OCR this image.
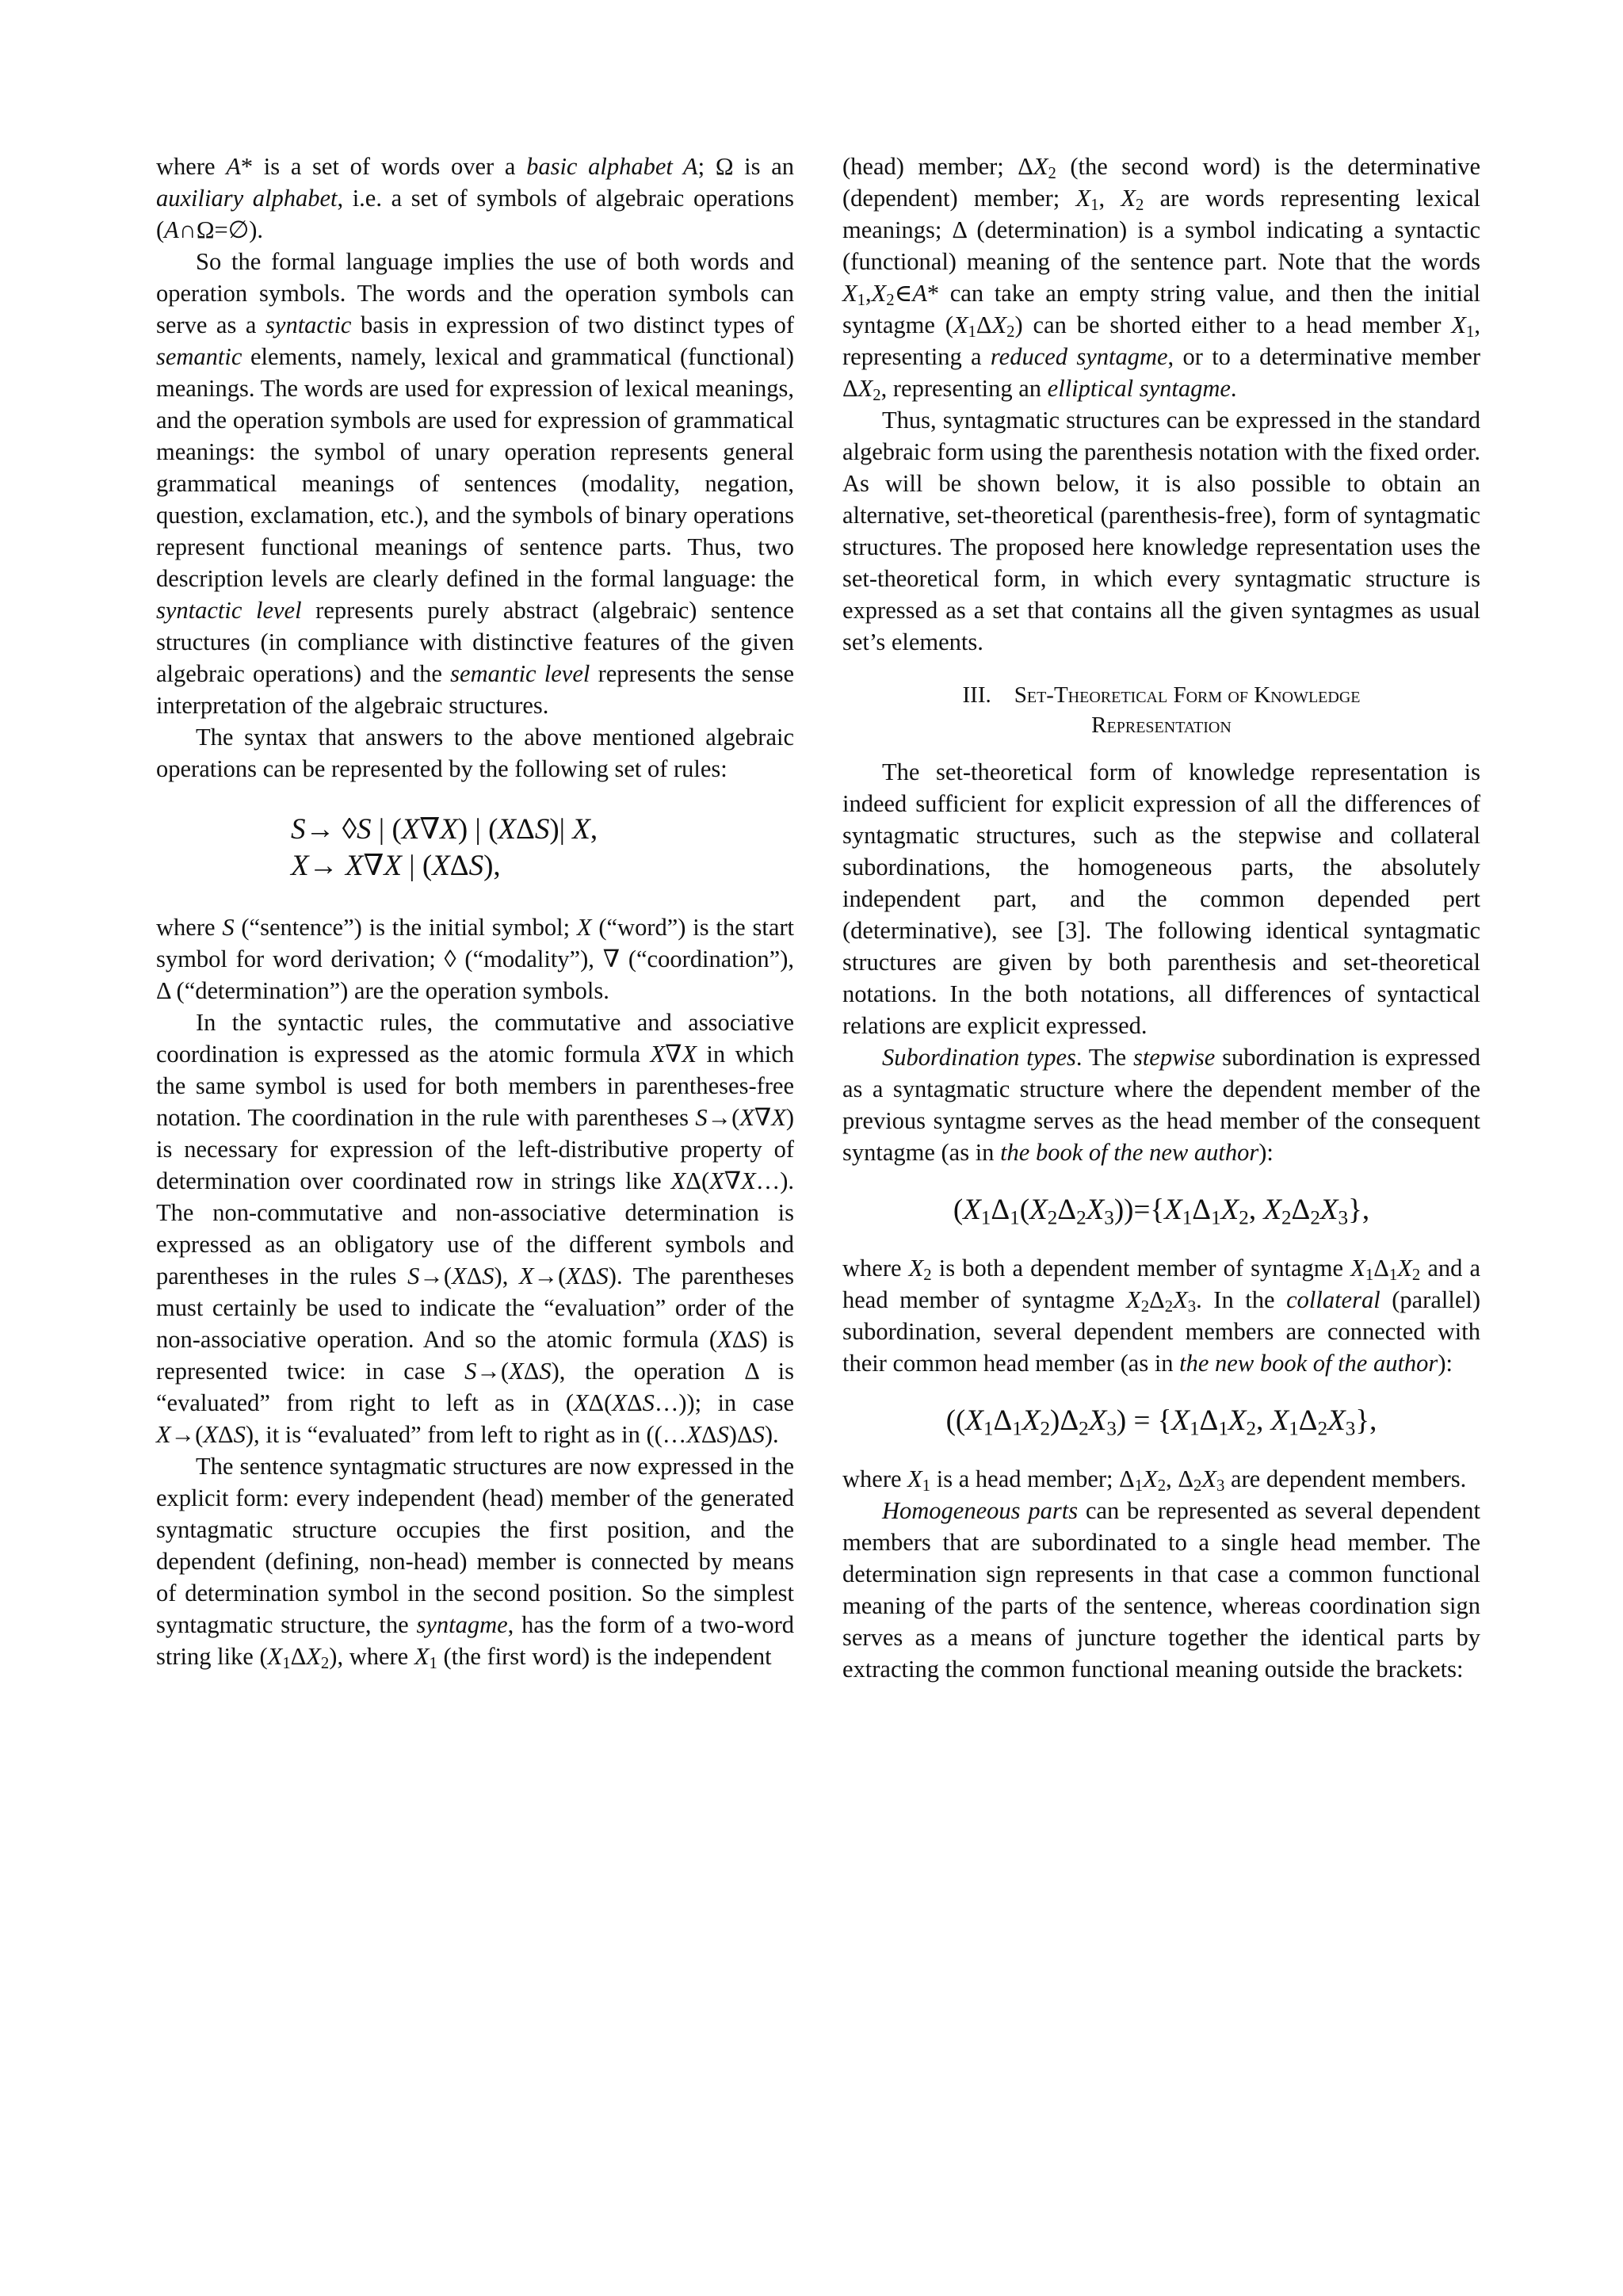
where A* is a set of words over a basic alphabet A; Ω is an auxiliary alphabet, i.e. a set of symbols of algebraic operations (A∩Ω=∅).

So the formal language implies the use of both words and operation symbols. The words and the operation symbols can serve as a syntactic basis in expression of two distinct types of semantic elements, namely, lexical and grammatical (functional) meanings. The words are used for expression of lexical meanings, and the operation symbols are used for expression of grammatical meanings: the symbol of unary operation represents general grammatical meanings of sentences (modality, negation, question, exclamation, etc.), and the symbols of binary operations represent functional meanings of sentence parts. Thus, two description levels are clearly defined in the formal language: the syntactic level represents purely abstract (algebraic) sentence structures (in compliance with distinctive features of the given algebraic operations) and the semantic level represents the sense interpretation of the algebraic structures.

The syntax that answers to the above mentioned algebraic operations can be represented by the following set of rules:

S→ ◊S | (X∇X) | (XΔS)| X,
X→ X∇X | (XΔS),

where S (“sentence”) is the initial symbol; X (“word”) is the start symbol for word derivation; ◊ (“modality”), ∇ (“coordination”), Δ (“determination”) are the operation symbols.

In the syntactic rules, the commutative and associative coordination is expressed as the atomic formula X∇X in which the same symbol is used for both members in parentheses-free notation. The coordination in the rule with parentheses S→(X∇X) is necessary for expression of the left-distributive property of determination over coordinated row in strings like XΔ(X∇X…). The non-commutative and non-associative determination is expressed as an obligatory use of the different symbols and parentheses in the rules S→(XΔS), X→(XΔS). The parentheses must certainly be used to indicate the “evaluation” order of the non-associative operation. And so the atomic formula (XΔS) is represented twice: in case S→(XΔS), the operation Δ is “evaluated” from right to left as in (XΔ(XΔS…)); in case X→(XΔS), it is “evaluated” from left to right as in ((…XΔS)ΔS).

The sentence syntagmatic structures are now expressed in the explicit form: every independent (head) member of the generated syntagmatic structure occupies the first position, and the dependent (defining, non-head) member is connected by means of determination symbol in the second position. So the simplest syntagmatic structure, the syntagme, has the form of a two-word string like $(X_1\Delta X_2)$, where $X_1$ (the first word) is the independent

(head) member; $\Delta X_2$ (the second word) is the determinative (dependent) member; $X_1$, $X_2$ are words representing lexical meanings; Δ (determination) is a symbol indicating a syntactic (functional) meaning of the sentence part. Note that the words $X_1,X_2\in A*$ can take an empty string value, and then the initial syntagme $(X_1\Delta X_2)$ can be shorted either to a head member $X_1$, representing a reduced syntagme, or to a determinative member $\Delta X_2$, representing an elliptical syntagme.

Thus, syntagmatic structures can be expressed in the standard algebraic form using the parenthesis notation with the fixed order. As will be shown below, it is also possible to obtain an alternative, set-theoretical (parenthesis-free), form of syntagmatic structures. The proposed here knowledge representation uses the set-theoretical form, in which every syntagmatic structure is expressed as a set that contains all the given syntagmes as usual set’s elements.

III. Set-Theoretical Form of Knowledge
Representation

The set-theoretical form of knowledge representation is indeed sufficient for explicit expression of all the differences of syntagmatic structures, such as the stepwise and collateral subordinations, the homogeneous parts, the absolutely independent part, and the common depended pert (determinative), see [3]. The following identical syntagmatic structures are given by both parenthesis and set-theoretical notations. In the both notations, all differences of syntactical relations are explicit expressed.

Subordination types. The stepwise subordination is expressed as a syntagmatic structure where the dependent member of the previous syntagme serves as the head member of the consequent syntagme (as in the book of the new author):

$(X_1\Delta_1(X_2\Delta_2X_3))=\{X_1\Delta_1X_2$, $X_2\Delta_2X_3$},

where $X_2$ is both a dependent member of syntagme $X_1\Delta_1X_2$ and a head member of syntagme $X_2\Delta_2X_3$. In the collateral (parallel) subordination, several dependent members are connected with their common head member (as in the new book of the author):

$((X_1\Delta_1X_2)\Delta_2X_3) = \{X_1\Delta_1X_2$, $X_1\Delta_2X_3$},

where $X_1$ is a head member; $\Delta_1X_2$, $\Delta_2X_3$ are dependent members.

Homogeneous parts can be represented as several dependent members that are subordinated to a single head member. The determination sign represents in that case a common functional meaning of the parts of the sentence, whereas coordination sign serves as a means of juncture together the identical parts by extracting the common functional meaning outside the brackets:
